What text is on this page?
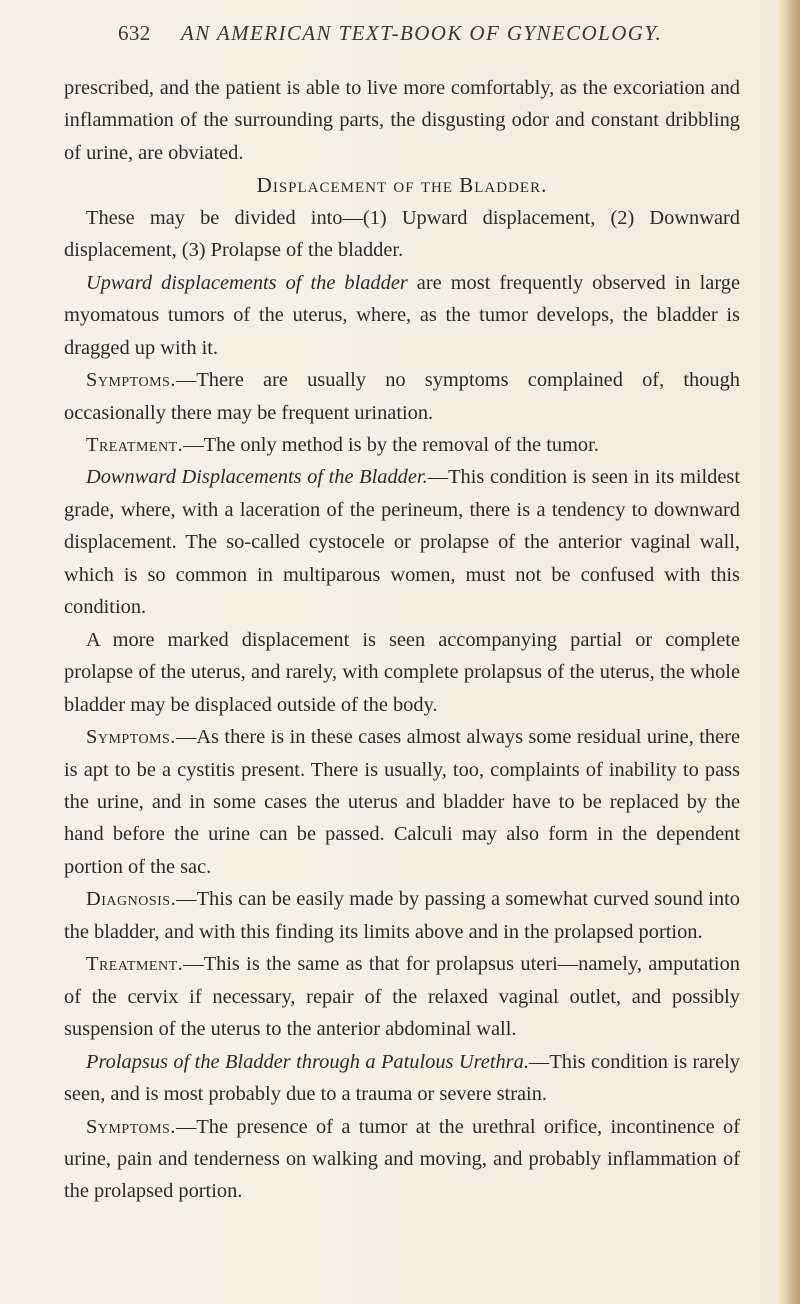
632 AN AMERICAN TEXT-BOOK OF GYNECOLOGY.

prescribed, and the patient is able to live more comfortably, as the excoriation and inflammation of the surrounding parts, the disgusting odor and constant dribbling of urine, are obviated.

Displacement of the Bladder.

These may be divided into—(1) Upward displacement, (2) Downward displacement, (3) Prolapse of the bladder.

Upward displacements of the bladder are most frequently observed in large myomatous tumors of the uterus, where, as the tumor develops, the bladder is dragged up with it.

Symptoms.—There are usually no symptoms complained of, though occasionally there may be frequent urination.

Treatment.—The only method is by the removal of the tumor.

Downward Displacements of the Bladder.—This condition is seen in its mildest grade, where, with a laceration of the perineum, there is a tendency to downward displacement. The so-called cystocele or prolapse of the anterior vaginal wall, which is so common in multiparous women, must not be confused with this condition.

A more marked displacement is seen accompanying partial or complete prolapse of the uterus, and rarely, with complete prolapsus of the uterus, the whole bladder may be displaced outside of the body.

Symptoms.—As there is in these cases almost always some residual urine, there is apt to be a cystitis present. There is usually, too, complaints of inability to pass the urine, and in some cases the uterus and bladder have to be replaced by the hand before the urine can be passed. Calculi may also form in the dependent portion of the sac.

Diagnosis.—This can be easily made by passing a somewhat curved sound into the bladder, and with this finding its limits above and in the prolapsed portion.

Treatment.—This is the same as that for prolapsus uteri—namely, amputation of the cervix if necessary, repair of the relaxed vaginal outlet, and possibly suspension of the uterus to the anterior abdominal wall.

Prolapsus of the Bladder through a Patulous Urethra.—This condition is rarely seen, and is most probably due to a trauma or severe strain.

Symptoms.—The presence of a tumor at the urethral orifice, incontinence of urine, pain and tenderness on walking and moving, and probably inflammation of the prolapsed portion.
